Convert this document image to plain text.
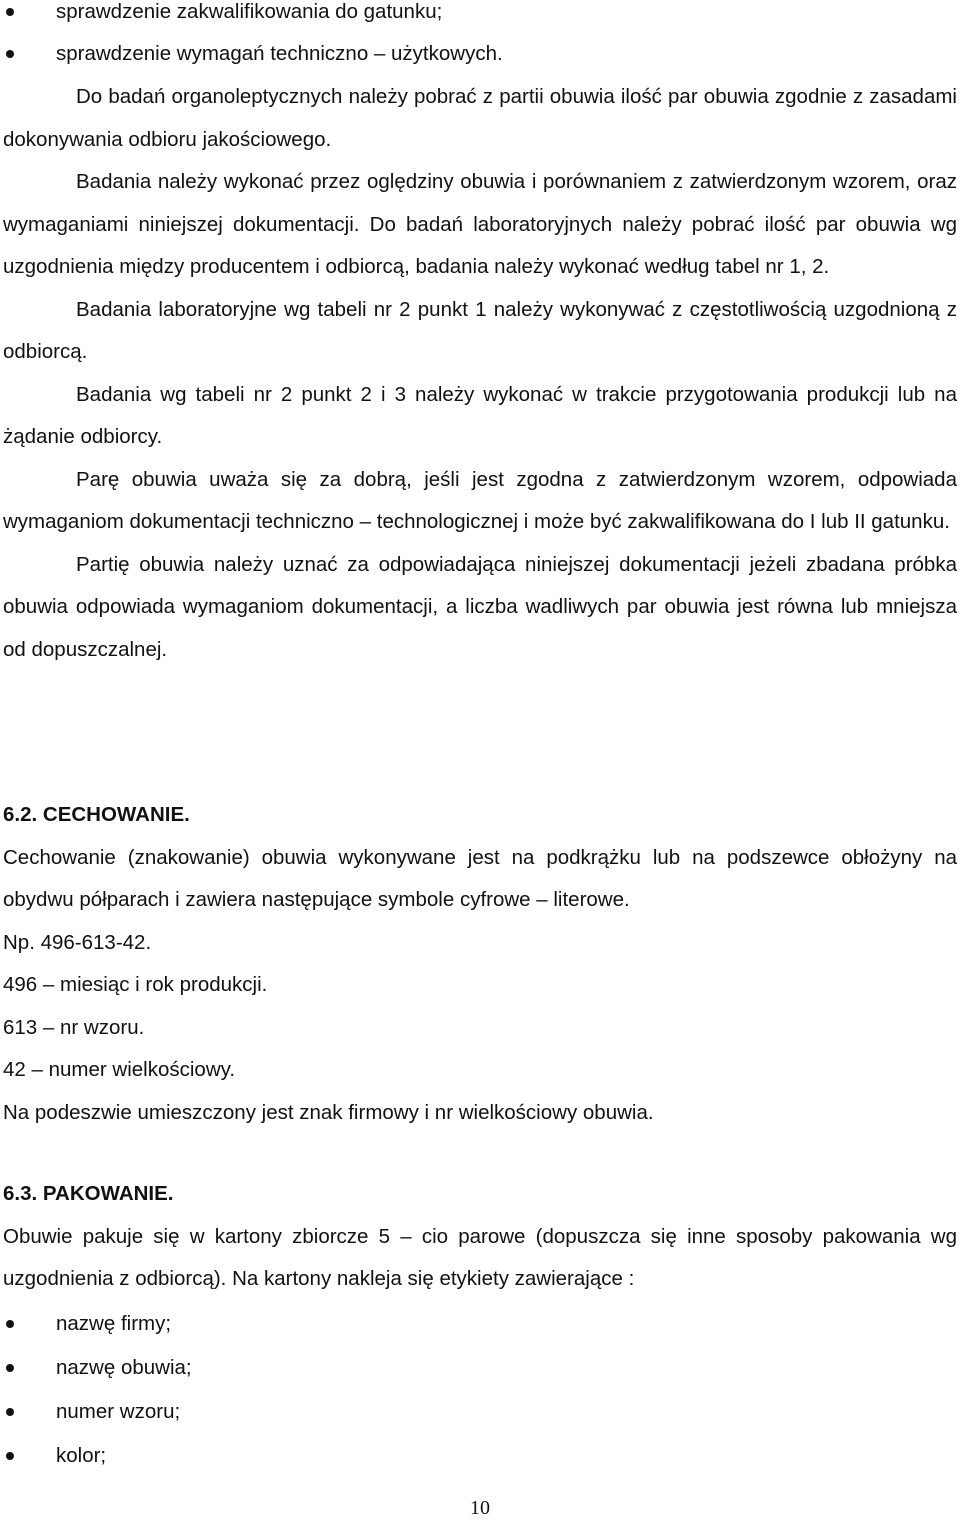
sprawdzenie zakwalifikowania do gatunku;
sprawdzenie wymagań techniczno – użytkowych.

Do badań organoleptycznych należy pobrać z partii obuwia ilość par obuwia zgodnie z zasadami dokonywania odbioru jakościowego.

Badania należy wykonać przez oględziny obuwia i porównaniem z zatwierdzonym wzorem, oraz wymaganiami niniejszej dokumentacji. Do badań laboratoryjnych należy pobrać ilość par obuwia wg uzgodnienia między producentem i odbiorcą, badania należy wykonać według tabel nr 1, 2.

Badania laboratoryjne wg tabeli nr 2 punkt 1 należy wykonywać z częstotliwością uzgodnioną z odbiorcą.

Badania wg tabeli nr 2 punkt 2 i 3 należy wykonać w trakcie przygotowania produkcji lub na żądanie odbiorcy.

Parę obuwia uważa się za dobrą, jeśli jest zgodna z zatwierdzonym wzorem, odpowiada wymaganiom dokumentacji techniczno – technologicznej i może być zakwalifikowana do I lub II gatunku.

Partię obuwia należy uznać za odpowiadająca niniejszej dokumentacji jeżeli zbadana próbka obuwia odpowiada wymaganiom dokumentacji, a liczba wadliwych par obuwia jest równa lub mniejsza od dopuszczalnej.

6.2. CECHOWANIE.

Cechowanie (znakowanie) obuwia wykonywane jest na podkrążku lub na podszewce obłożyny na obydwu półparach i zawiera następujące symbole cyfrowe – literowe.

Np. 496-613-42.

496 – miesiąc i rok produkcji.

613 – nr wzoru.

42 – numer wielkościowy.

Na podeszwie umieszczony jest znak firmowy i nr wielkościowy obuwia.

6.3. PAKOWANIE.

Obuwie pakuje się w kartony zbiorcze 5 – cio parowe (dopuszcza się inne sposoby pakowania wg uzgodnienia z odbiorcą). Na kartony nakleja się etykiety zawierające :

nazwę firmy;
nazwę obuwia;
numer wzoru;
kolor;
10
